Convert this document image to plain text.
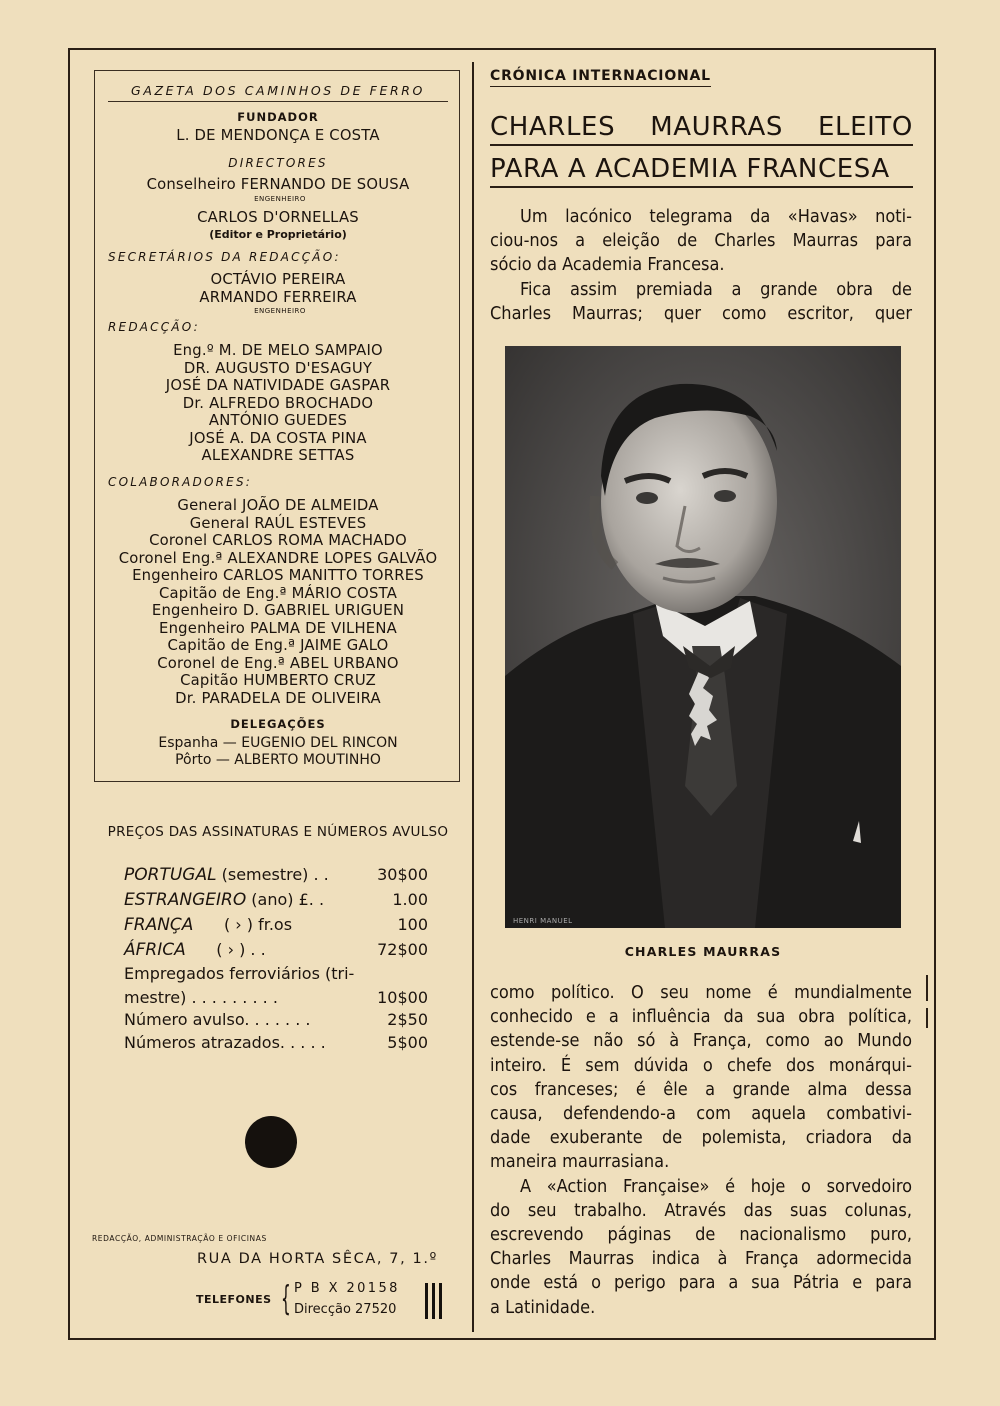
GAZETA DOS CAMINHOS DE FERRO
FUNDADOR
L. DE MENDONÇA E COSTA
DIRECTORES
Conselheiro FERNANDO DE SOUSA
ENGENHEIRO
CARLOS D'ORNELLAS
(Editor e Proprietário)
SECRETÁRIOS DA REDACÇÃO:
OCTÁVIO PEREIRA
ARMANDO FERREIRA
ENGENHEIRO
REDACÇÃO:
Eng.º M. DE MELO SAMPAIO
DR. AUGUSTO D'ESAGUY
JOSÉ DA NATIVIDADE GASPAR
Dr. ALFREDO BROCHADO
ANTÓNIO GUEDES
JOSÉ A. DA COSTA PINA
ALEXANDRE SETTAS
COLABORADORES:
General JOÃO DE ALMEIDA
General RAÚL ESTEVES
Coronel CARLOS ROMA MACHADO
Coronel Eng.ª ALEXANDRE LOPES GALVÃO
Engenheiro CARLOS MANITTO TORRES
Capitão de Eng.ª MÁRIO COSTA
Engenheiro D. GABRIEL URIGUEN
Engenheiro PALMA DE VILHENA
Capitão de Eng.ª JAIME GALO
Coronel de Eng.ª ABEL URBANO
Capitão HUMBERTO CRUZ
Dr. PARADELA DE OLIVEIRA
DELEGAÇÕES
Espanha — EUGENIO DEL RINCON
Pôrto — ALBERTO MOUTINHO
PREÇOS DAS ASSINATURAS E NÚMEROS AVULSO
PORTUGAL (semestre) . .	30$00
ESTRANGEIRO (ano) £. .	1.00
FRANÇA      ( › ) fr.os	100
ÁFRICA      ( › ) . .	72$00
Empregados ferroviários (tri-
mestre) . . . . . . . . .	10$00
Número avulso. . . . . . .	2$50
Números atrazados. . . . .	5$00
REDACÇÃO, ADMINISTRAÇÃO E OFICINAS
RUA DA HORTA SÊCA, 7, 1.º
TELEFONES { P B X 20158
Direcção 27520
CRÓNICA INTERNACIONAL
CHARLES MAURRAS ELEITO
PARA A ACADEMIA FRANCESA
Um lacónico telegrama da «Havas» noti-
ciou-nos a eleição de Charles Maurras para
sócio da Academia Francesa.
Fica assim premiada a grande obra de
Charles Maurras; quer como escritor, quer
HENRI MANUEL
CHARLES MAURRAS
como político. O seu nome é mundialmente
conhecido e a influência da sua obra política,
estende-se não só à França, como ao Mundo
inteiro. É sem dúvida o chefe dos monárqui-
cos franceses; é êle a grande alma dessa
causa, defendendo-a com aquela combativi-
dade exuberante de polemista, criadora da
maneira maurrasiana.
A «Action Française» é hoje o sorvedoiro
do seu trabalho. Através das suas colunas,
escrevendo páginas de nacionalismo puro,
Charles Maurras indica à França adormecida
onde está o perigo para a sua Pátria e para
a Latinidade.
